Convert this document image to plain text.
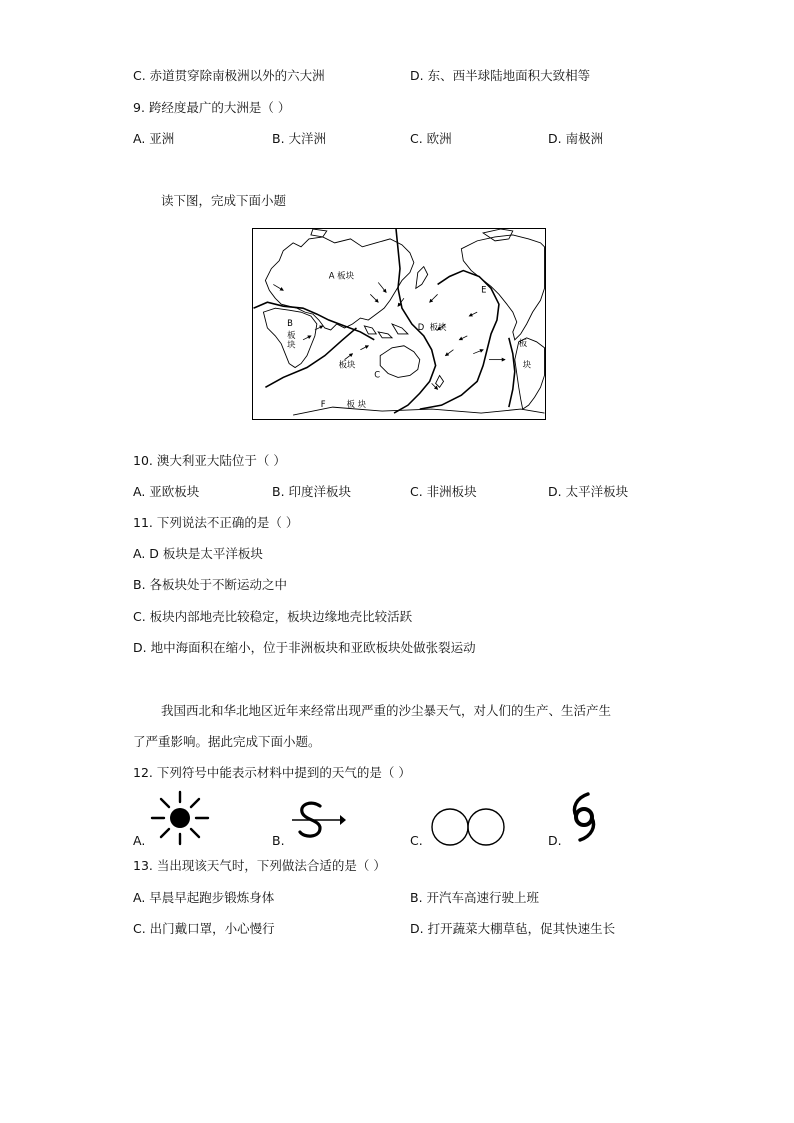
C. 赤道贯穿除南极洲以外的六大洲	D. 东、西半球陆地面积大致相等
9. 跨经度最广的大洲是（ ）
A. 亚洲	B. 大洋洲	C. 欧洲	D. 南极洲
读下图，完成下面小题
A 板块
B
板
块
板块
C
D 板块
E
F 板 块
板
块
10. 澳大利亚大陆位于（ ）
A. 亚欧板块	B. 印度洋板块	C. 非洲板块	D. 太平洋板块
11. 下列说法不正确的是（ ）
A. D 板块是太平洋板块
B. 各板块处于不断运动之中
C. 板块内部地壳比较稳定，板块边缘地壳比较活跃
D. 地中海面积在缩小，位于非洲板块和亚欧板块处做张裂运动
我国西北和华北地区近年来经常出现严重的沙尘暴天气，对人们的生产、生活产生
了严重影响。据此完成下面小题。
12. 下列符号中能表示材料中提到的天气的是（ ）
A.	B.	C.	D.
13. 当出现该天气时，下列做法合适的是（ ）
A. 早晨早起跑步锻炼身体	B. 开汽车高速行驶上班
C. 出门戴口罩，小心慢行	D. 打开蔬菜大棚草毡，促其快速生长
